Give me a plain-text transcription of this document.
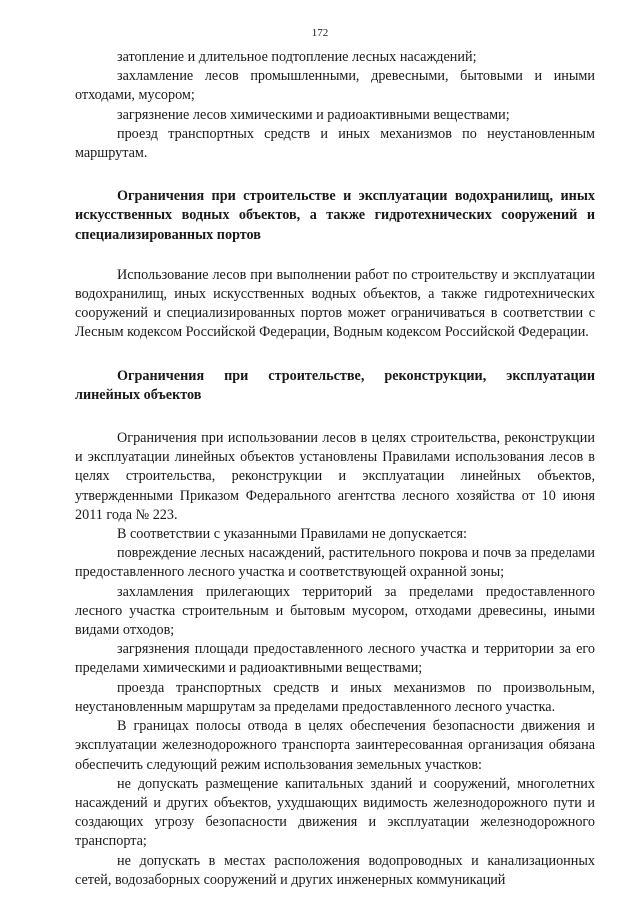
172

затопление и длительное подтопление лесных насаждений;

захламление лесов промышленными, древесными, бытовыми и иными отходами, мусором;

загрязнение лесов химическими и радиоактивными веществами;

проезд транспортных средств и иных механизмов по неустановленным маршрутам.

Ограничения при строительстве и эксплуатации водохранилищ, иных искусственных водных объектов, а также гидротехнических сооружений и специализированных портов

Использование лесов при выполнении работ по строительству и эксплуатации водохранилищ, иных искусственных водных объектов, а также гидротехнических сооружений и специализированных портов может ограничиваться в соответствии с Лесным кодексом Российской Федерации, Водным кодексом Российской Федерации.

Ограничения при строительстве, реконструкции, эксплуатации линейных объектов

Ограничения при использовании лесов в целях строительства, реконструкции и эксплуатации линейных объектов установлены Правилами использования лесов в целях строительства, реконструкции и эксплуатации линейных объектов, утвержденными Приказом Федерального агентства лесного хозяйства от 10 июня 2011 года № 223.

В соответствии с указанными Правилами не допускается:

повреждение лесных насаждений, растительного покрова и почв за пределами предоставленного лесного участка и соответствующей охранной зоны;

захламления прилегающих территорий за пределами предоставленного лесного участка строительным и бытовым мусором, отходами древесины, иными видами отходов;

загрязнения площади предоставленного лесного участка и территории за его пределами химическими и радиоактивными веществами;

проезда транспортных средств и иных механизмов по произвольным, неустановленным маршрутам за пределами предоставленного лесного участка.

В границах полосы отвода в целях обеспечения безопасности движения и эксплуатации железнодорожного транспорта заинтересованная организация обязана обеспечить следующий режим использования земельных участков:

не допускать размещение капитальных зданий и сооружений, многолетних насаждений и других объектов, ухудшающих видимость железнодорожного пути и создающих угрозу безопасности движения и эксплуатации железнодорожного транспорта;

не допускать в местах расположения водопроводных и канализационных сетей, водозаборных сооружений и других инженерных коммуникаций
